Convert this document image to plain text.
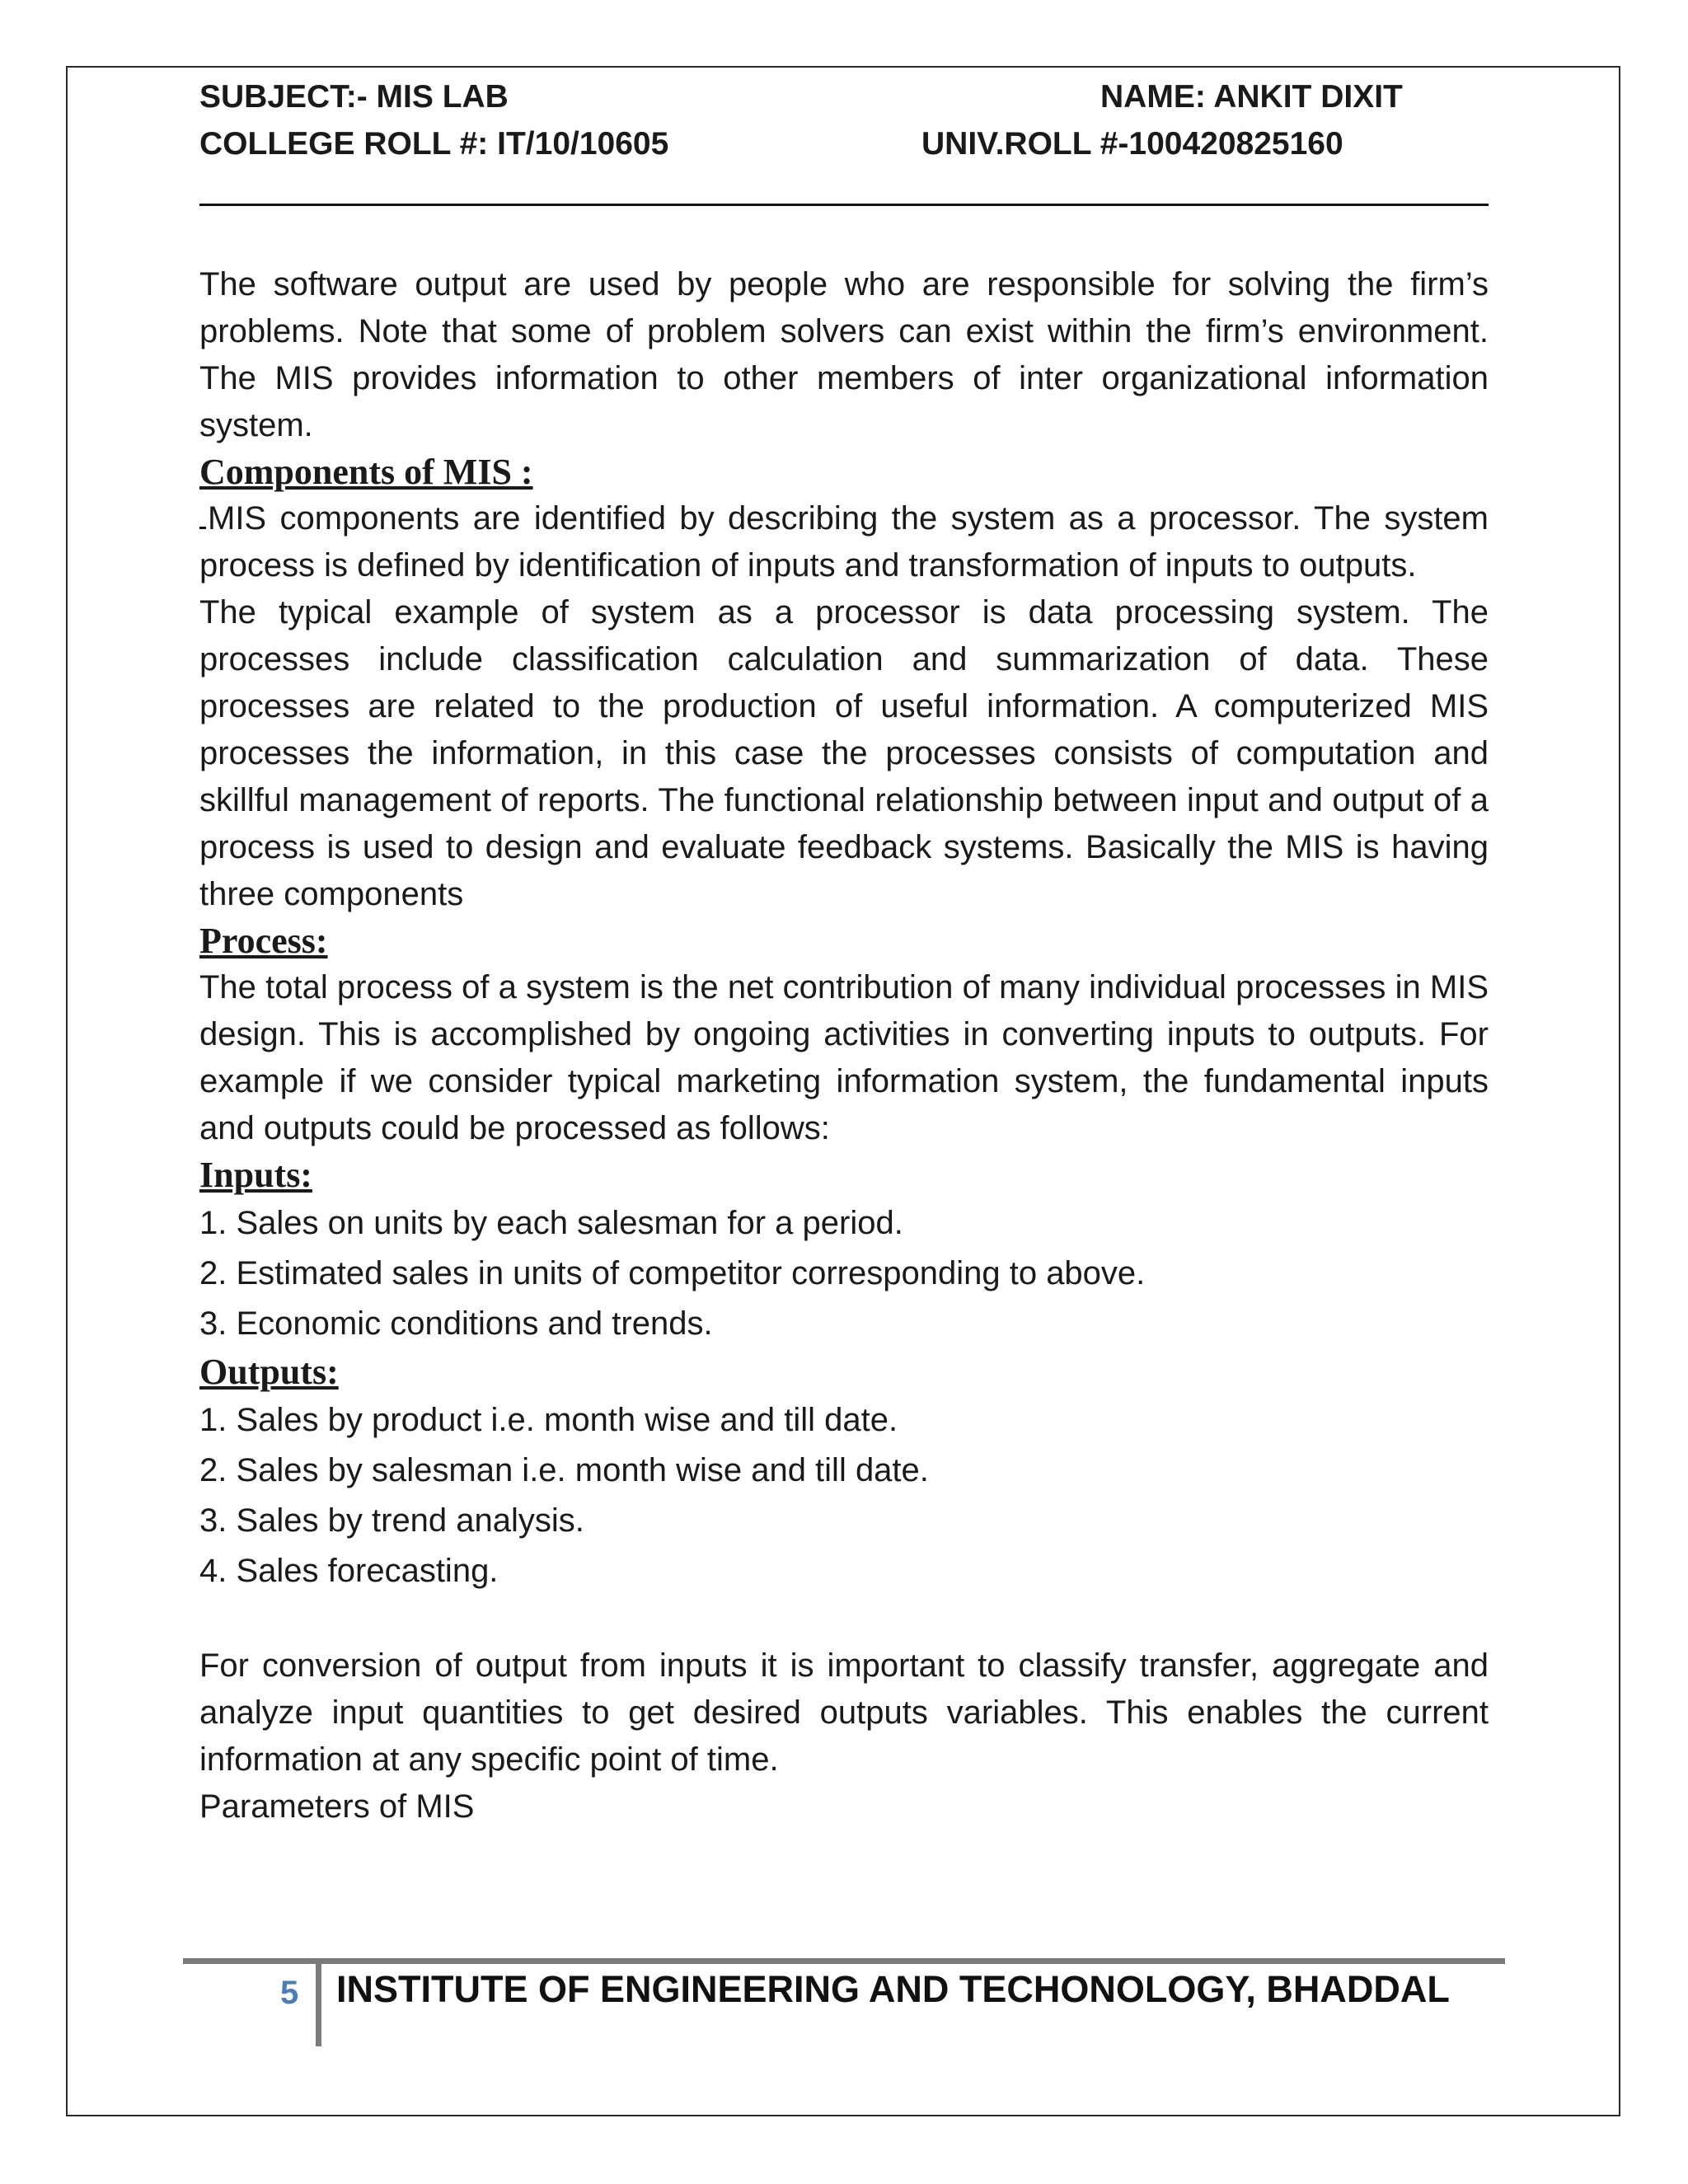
SUBJECT:- MIS LAB	NAME: ANKIT DIXIT
COLLEGE ROLL #: IT/10/10605	UNIV.ROLL #-100420825160

The software output are used by people who are responsible for solving the firm’s problems. Note that some of problem solvers can exist within the firm’s environment. The MIS provides information to other members of inter organizational information system.

Components of MIS :

MIS components are identified by describing the system as a processor. The system process is defined by identification of inputs and transformation of inputs to outputs.

The typical example of system as a processor is data processing system. The processes include classification calculation and summarization of data. These processes are related to the production of useful information. A computerized MIS processes the information, in this case the processes consists of computation and skillful management of reports. The functional relationship between input and output of a process is used to design and evaluate feedback systems. Basically the MIS is having three components

Process:

The total process of a system is the net contribution of many individual processes in MIS design. This is accomplished by ongoing activities in converting inputs to outputs. For example if we consider typical marketing information system, the fundamental inputs and outputs could be processed as follows:

Inputs:
1. Sales on units by each salesman for a period.
2. Estimated sales in units of competitor corresponding to above.
3. Economic conditions and trends.
Outputs:
1. Sales by product i.e. month wise and till date.
2. Sales by salesman i.e. month wise and till date.
3. Sales by trend analysis.
4. Sales forecasting.

For conversion of output from inputs it is important to classify transfer, aggregate and analyze input quantities to get desired outputs variables. This enables the current information at any specific point of time.

Parameters of MIS

5 INSTITUTE OF ENGINEERING AND TECHONOLOGY, BHADDAL
